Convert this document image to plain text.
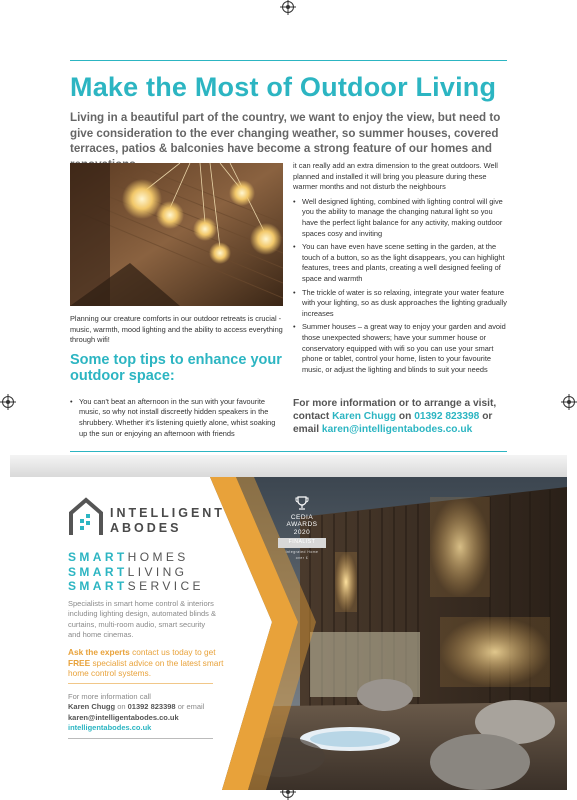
Make the Most of Outdoor Living

Living in a beautiful part of the country, we want to enjoy the view, but need to give consideration to the ever changing weather, so summer houses, covered terraces, patios & balconies have become a strong feature of our homes and

Planning our creature comforts in our outdoor retreats is crucial - music, warmth, mood lighting and the ability to access everything through wifi!

Some top tips to enhance your outdoor space:
• You can't beat an afternoon in the sun with your favourite music, so why not install discreetly hidden speakers in the shrubbery. Whether it's listening quietly alone, whist soaking up the sun or enjoying an afternoon with friends

it can really add an extra dimension to the great outdoors. Well planned and installed it will bring you pleasure during these warmer months and not disturb the neighbours

• Well designed lighting, combined with lighting control will give you the ability to manage the changing natural light so you have the perfect light balance for any activity, making outdoor spaces cosy and inviting
• You can have even have scene setting in the garden, at the touch of a button, so as the light disappears, you can highlight features, trees and plants, creating a well designed feeling of space and warmth
• The trickle of water is so relaxing, integrate your water feature with your lighting, so as dusk approaches the lighting gradually increases
• Summer houses – a great way to enjoy your garden and avoid those unexpected showers; have your summer house or conservatory equipped with wifi so you can use your smart phone or tablet, control your home, listen to your favourite music, or adjust the lighting and blinds to suit your needs
For more information or to arrange a visit, contact Karen Chugg on 01392 823398 or email karen@intelligentabodes.co.uk
INTELLIGENT
ABODES
SMARTHOMES
SMARTLIVING
SMARTSERVICE

Specialists in smart home control & interiors including lighting design, automated blinds & curtains, multi-room audio, smart security and home cinemas.

Ask the experts contact us today to get FREE specialist advice on the latest smart home control systems.
For more information call
Karen Chugg on 01392 823398 or email
karen@intelligentabodes.co.uk
intelligentabodes.co.uk
CEDIA
AWARDS
2020
FINALIST
Integrated Home
over £
